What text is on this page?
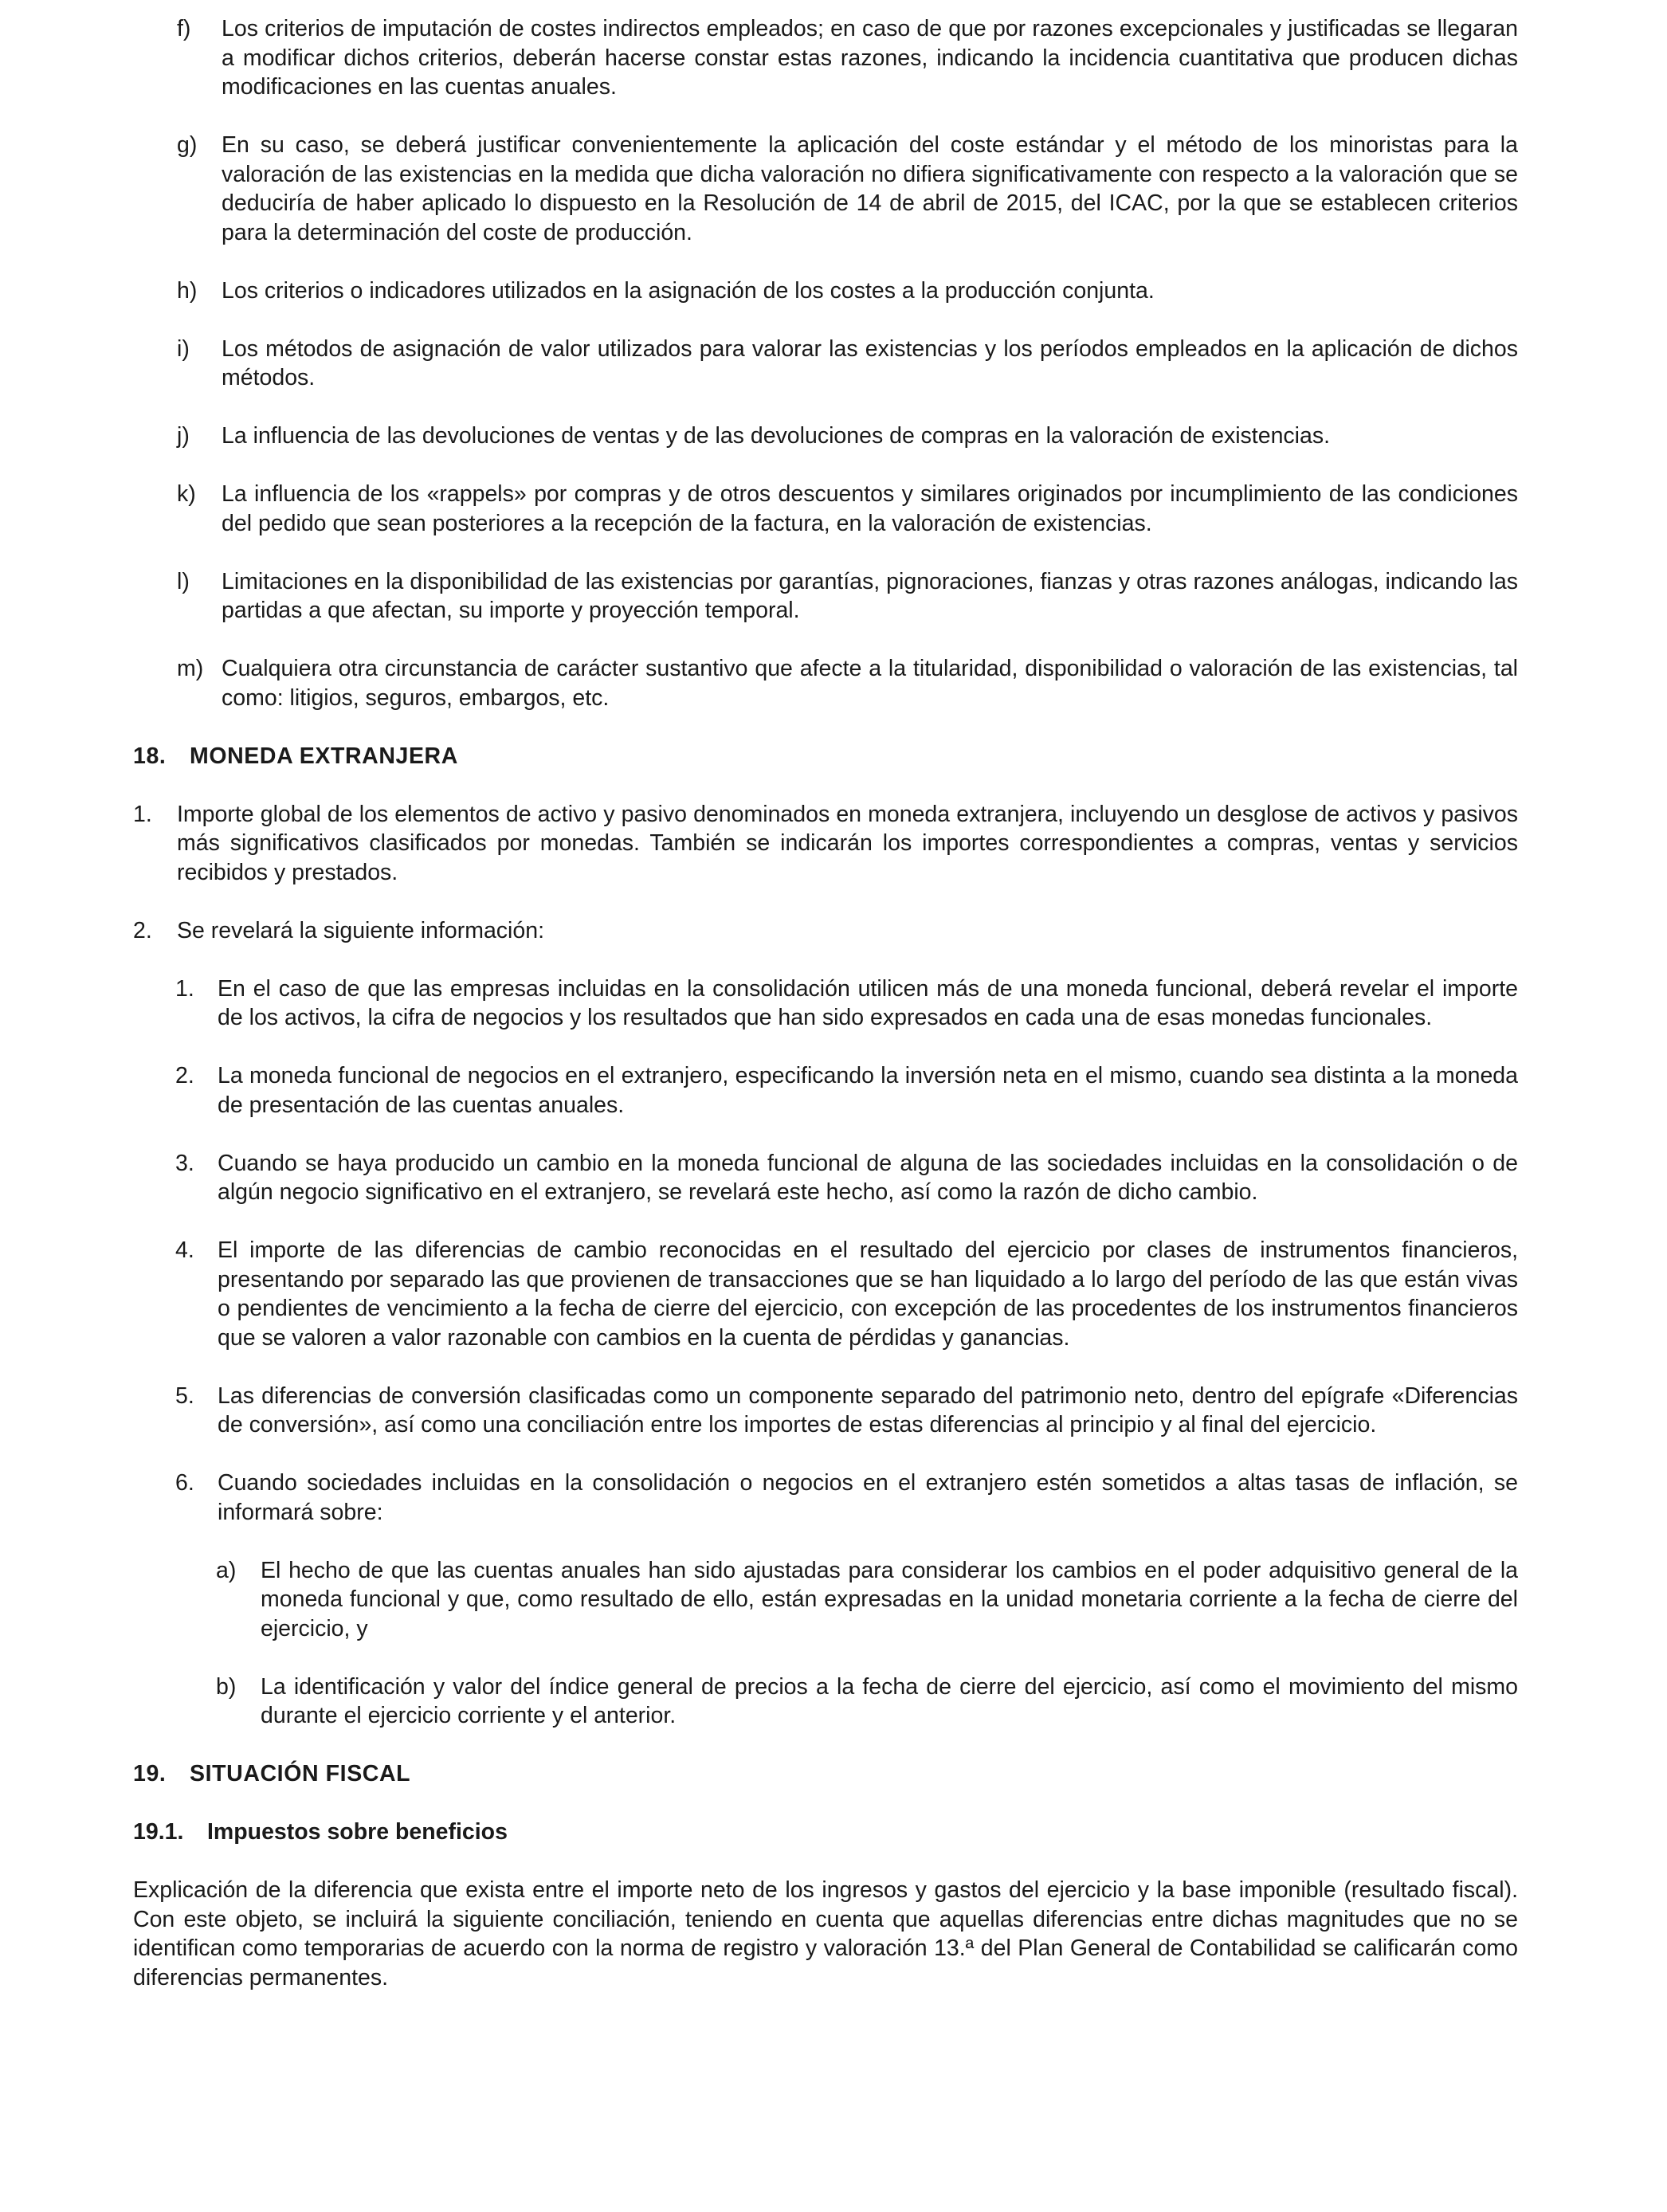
f) Los criterios de imputación de costes indirectos empleados; en caso de que por razones excepcionales y justificadas se llegaran a modificar dichos criterios, deberán hacerse constar estas razones, indicando la incidencia cuantitativa que producen dichas modificaciones en las cuentas anuales.
g) En su caso, se deberá justificar convenientemente la aplicación del coste estándar y el método de los minoristas para la valoración de las existencias en la medida que dicha valoración no difiera significativamente con respecto a la valoración que se deduciría de haber aplicado lo dispuesto en la Resolución de 14 de abril de 2015, del ICAC, por la que se establecen criterios para la determinación del coste de producción.
h) Los criterios o indicadores utilizados en la asignación de los costes a la producción conjunta.
i) Los métodos de asignación de valor utilizados para valorar las existencias y los períodos empleados en la aplicación de dichos métodos.
j) La influencia de las devoluciones de ventas y de las devoluciones de compras en la valoración de existencias.
k) La influencia de los «rappels» por compras y de otros descuentos y similares originados por incumplimiento de las condiciones del pedido que sean posteriores a la recepción de la factura, en la valoración de existencias.
l) Limitaciones en la disponibilidad de las existencias por garantías, pignoraciones, fianzas y otras razones análogas, indicando las partidas a que afectan, su importe y proyección temporal.
m) Cualquiera otra circunstancia de carácter sustantivo que afecte a la titularidad, disponibilidad o valoración de las existencias, tal como: litigios, seguros, embargos, etc.
18. MONEDA EXTRANJERA
1. Importe global de los elementos de activo y pasivo denominados en moneda extranjera, incluyendo un desglose de activos y pasivos más significativos clasificados por monedas. También se indicarán los importes correspondientes a compras, ventas y servicios recibidos y prestados.
2. Se revelará la siguiente información:
1. En el caso de que las empresas incluidas en la consolidación utilicen más de una moneda funcional, deberá revelar el importe de los activos, la cifra de negocios y los resultados que han sido expresados en cada una de esas monedas funcionales.
2. La moneda funcional de negocios en el extranjero, especificando la inversión neta en el mismo, cuando sea distinta a la moneda de presentación de las cuentas anuales.
3. Cuando se haya producido un cambio en la moneda funcional de alguna de las sociedades incluidas en la consolidación o de algún negocio significativo en el extranjero, se revelará este hecho, así como la razón de dicho cambio.
4. El importe de las diferencias de cambio reconocidas en el resultado del ejercicio por clases de instrumentos financieros, presentando por separado las que provienen de transacciones que se han liquidado a lo largo del período de las que están vivas o pendientes de vencimiento a la fecha de cierre del ejercicio, con excepción de las procedentes de los instrumentos financieros que se valoren a valor razonable con cambios en la cuenta de pérdidas y ganancias.
5. Las diferencias de conversión clasificadas como un componente separado del patrimonio neto, dentro del epígrafe «Diferencias de conversión», así como una conciliación entre los importes de estas diferencias al principio y al final del ejercicio.
6. Cuando sociedades incluidas en la consolidación o negocios en el extranjero estén sometidos a altas tasas de inflación, se informará sobre:
a) El hecho de que las cuentas anuales han sido ajustadas para considerar los cambios en el poder adquisitivo general de la moneda funcional y que, como resultado de ello, están expresadas en la unidad monetaria corriente a la fecha de cierre del ejercicio, y
b) La identificación y valor del índice general de precios a la fecha de cierre del ejercicio, así como el movimiento del mismo durante el ejercicio corriente y el anterior.
19. SITUACIÓN FISCAL
19.1. Impuestos sobre beneficios

Explicación de la diferencia que exista entre el importe neto de los ingresos y gastos del ejercicio y la base imponible (resultado fiscal). Con este objeto, se incluirá la siguiente conciliación, teniendo en cuenta que aquellas diferencias entre dichas magnitudes que no se identifican como temporarias de acuerdo con la norma de registro y valoración 13.ª del Plan General de Contabilidad se calificarán como diferencias permanentes.
